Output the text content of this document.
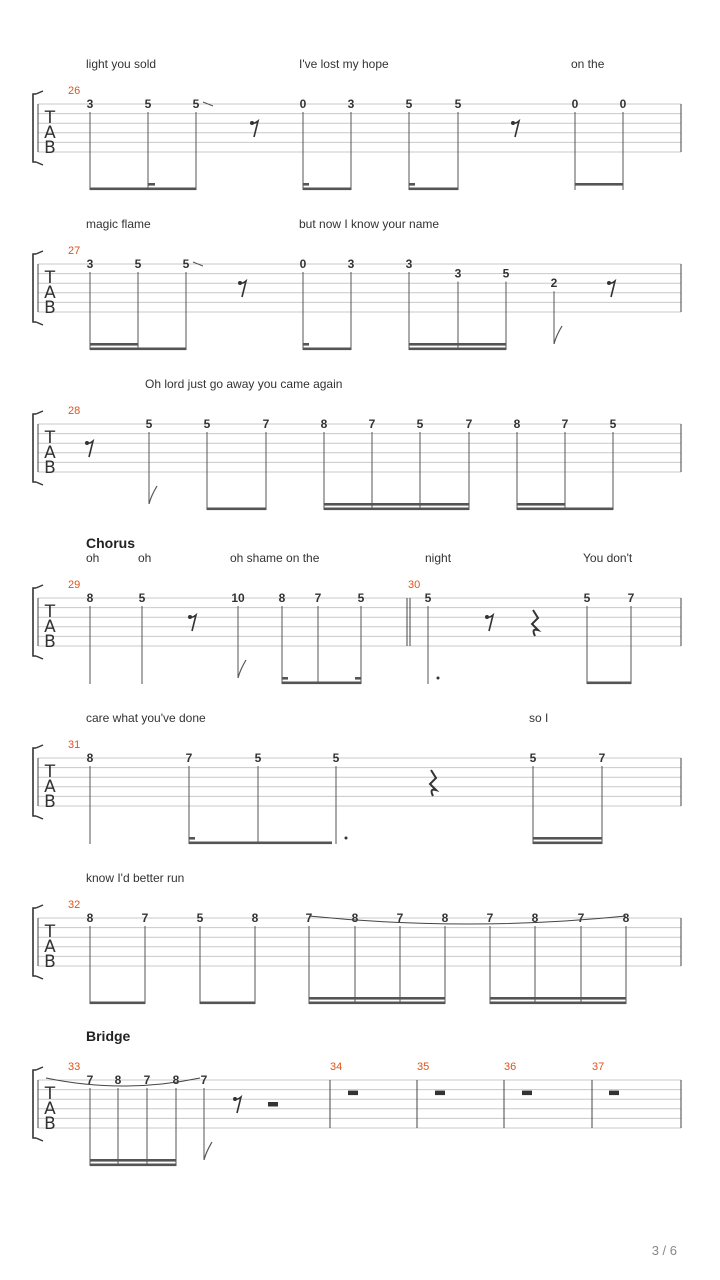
light you sold	I've lost my hope	on the
T
A
B
26
3	5	5	0	3	5	5	0	0
magic flame	but now I know your name
T
A
B
27
3	5	5	0	3	3
3	5
2
Oh lord just go away you came again
T
A
B
28
5	5	7	8	7	5	7	8	7	5
Chorus
oh	oh	oh shame on the	night	You don't
T
A
B
29	30
8	5	10	8 7	5	5	5	7
care what you've done	so I
T
A
B
31
8	7	5	5	5	7
know I'd better run
T
A
B
32
8	7	5	8	7	8	7	8	7	8	7	8
Bridge
T
A
B
33	34	35	36	37
7 8 7 8 7
3 / 6
